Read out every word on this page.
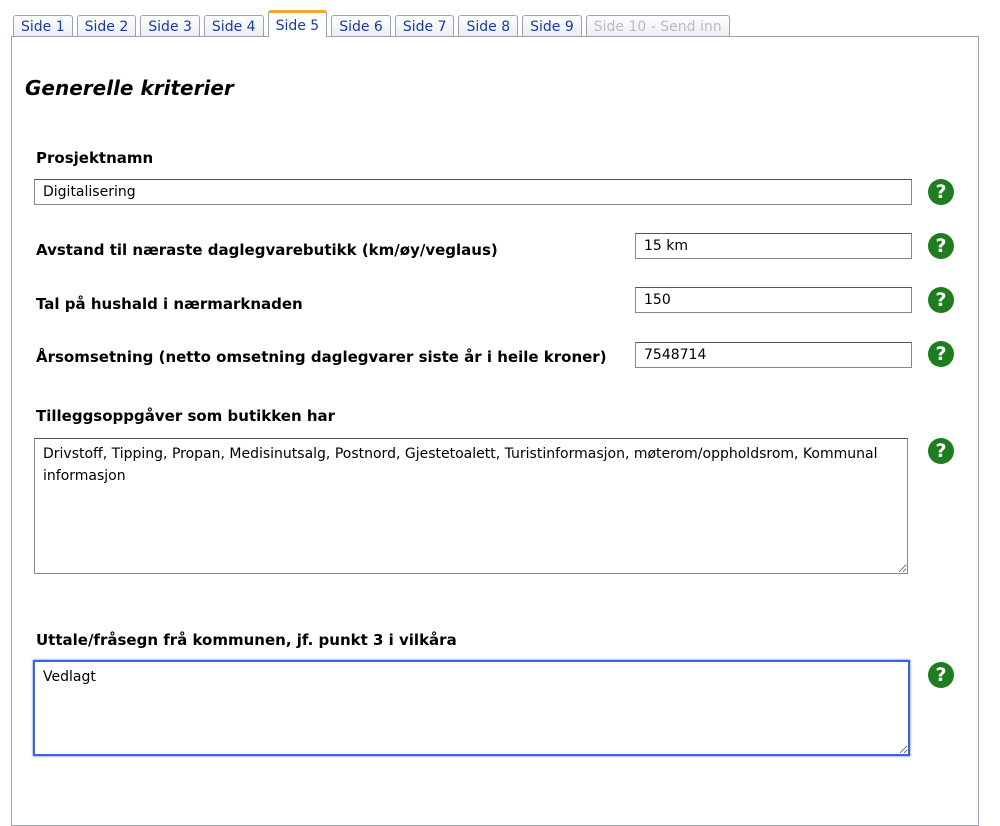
Side 1	Side 2	Side 3	Side 4	Side 5	Side 6	Side 7	Side 8	Side 9	Side 10 - Send inn
Generelle kriterier
Prosjektnamn
Digitalisering
?
Avstand til næraste daglegvarebutikk (km/øy/veglaus)
15 km	?
Tal på hushald i nærmarknaden
150	?
Årsomsetning (netto omsetning daglegvarer siste år i heile kroner)
7548714	?
Tilleggsoppgåver som butikken har
Drivstoff, Tipping, Propan, Medisinutsalg, Postnord, Gjestetoalett, Turistinformasjon, møterom/oppholdsrom, Kommunal informasjon
?
Uttale/fråsegn frå kommunen, jf. punkt 3 i vilkåra
Vedlagt
?
